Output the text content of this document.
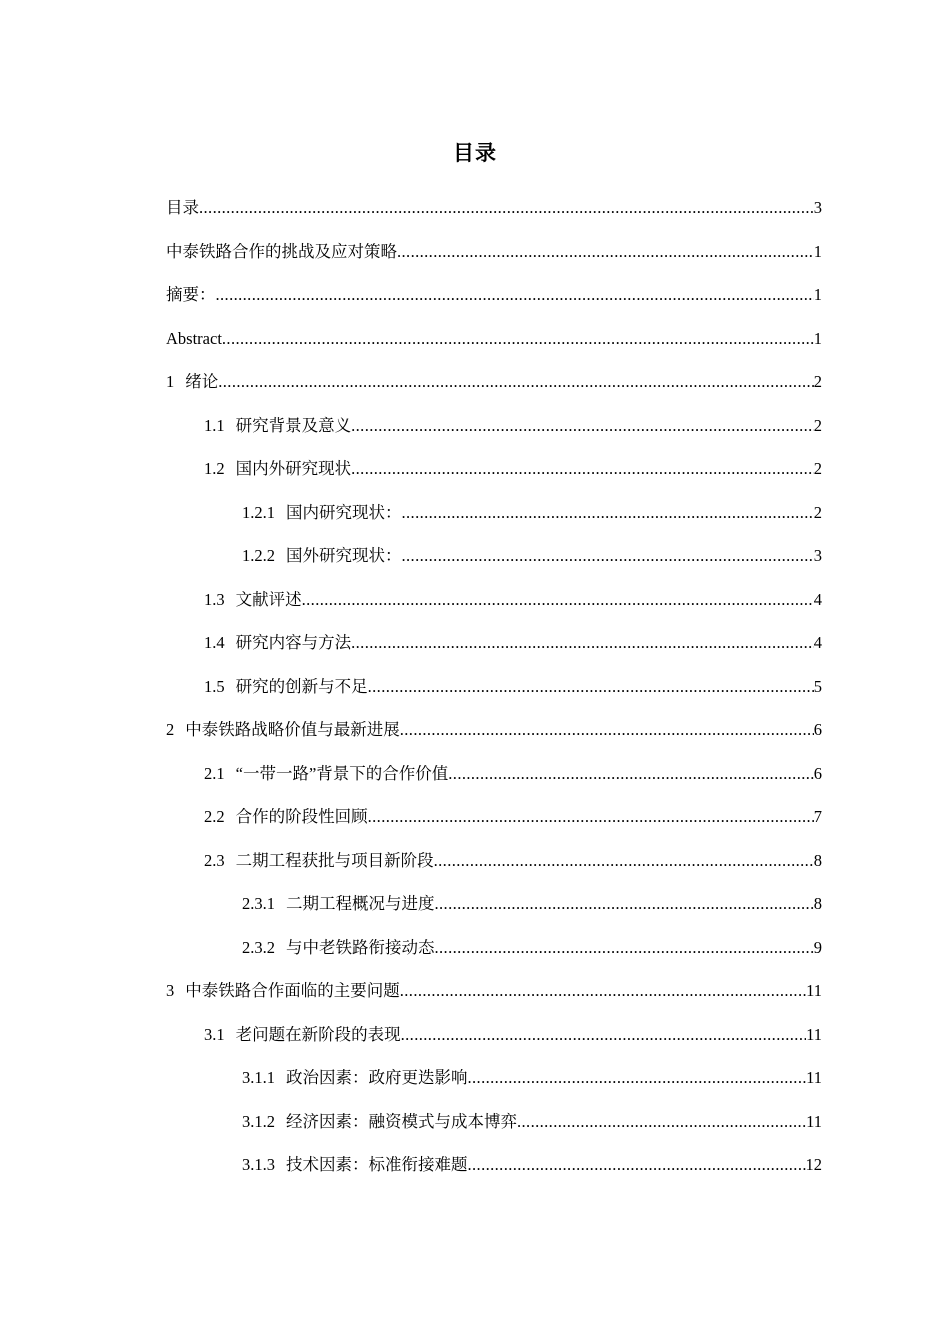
目录
目录 .....	3
中泰铁路合作的挑战及应对策略 .....	1
摘要： .....	1
Abstract .....	1
1 绪论 .....	2
1.1 研究背景及意义 .....	2
1.2 国内外研究现状 .....	2
1.2.1 国内研究现状： .....	2
1.2.2 国外研究现状： .....	3
1.3 文献评述 .....	4
1.4 研究内容与方法 .....	4
1.5 研究的创新与不足 .....	5
2 中泰铁路战略价值与最新进展 .....	6
2.1 “一带一路”背景下的合作价值 .....	6
2.2 合作的阶段性回顾 .....	7
2.3 二期工程获批与项目新阶段 .....	8
2.3.1 二期工程概况与进度 .....	8
2.3.2 与中老铁路衔接动态 .....	9
3 中泰铁路合作面临的主要问题 .....	11
3.1 老问题在新阶段的表现 .....	11
3.1.1 政治因素：政府更迭影响 .....	11
3.1.2 经济因素：融资模式与成本博弈 .....	11
3.1.3 技术因素：标准衔接难题 .....	12
